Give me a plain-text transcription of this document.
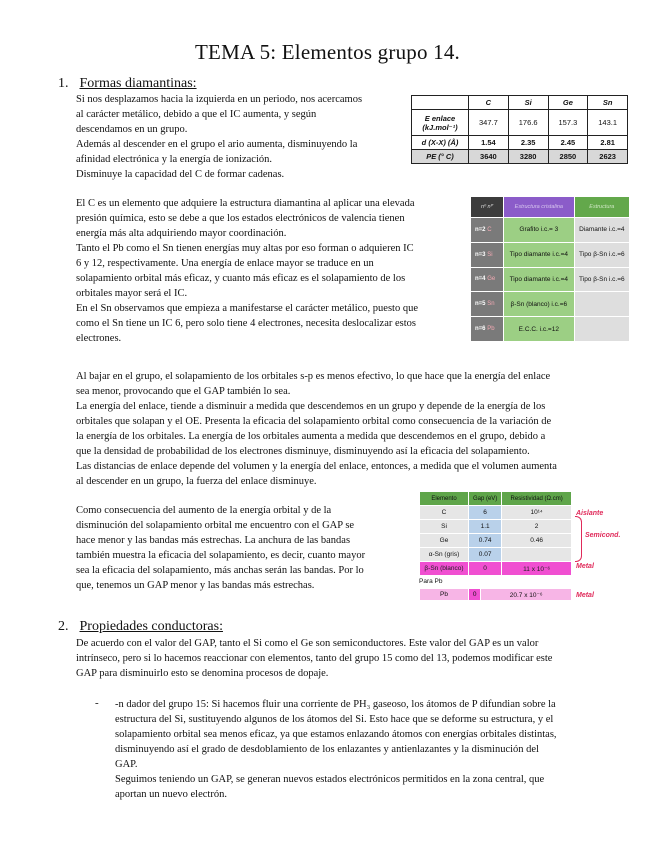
TEMA 5: Elementos grupo 14.
1. Formas diamantinas:
Si nos desplazamos hacia la izquierda en un periodo, nos acercamos
al carácter metálico, debido a que el IC aumenta, y según
descendamos en un grupo.
Además al descender en el grupo el ario aumenta, disminuyendo la
afinidad electrónica y la energía de ionización.
Disminuye la capacidad del C de formar cadenas.
	C	Si	Ge	Sn
E enlace (kJ.mol⁻¹)	347.7	176.6	157.3	143.1
d (X-X) (Å)	1.54	2.35	2.45	2.81
PE (° C)	3640	3280	2850	2623
El C es un elemento que adquiere la estructura diamantina al aplicar una elevada
presión química, esto se debe a que los estados electrónicos de valencia tienen
energía más alta adquiriendo mayor coordinación.
Tanto el Pb como el Sn tienen energías muy altas por eso forman o adquieren IC
6 y 12, respectivamente. Una energía de enlace mayor se traduce en un
solapamiento orbital más eficaz, y cuanto más eficaz es el solapamiento de los
orbitales mayor será el IC.
En el Sn observamos que empieza a manifestarse el carácter metálico, puesto que
como el Sn tiene un IC 6, pero solo tiene 4 electrones, necesita deslocalizar estos
electrones.
nº nᴾ	Estructura cristalina	Estructura
n=2 C	Grafito i.c.= 3	Diamante i.c.=4
n=3 Si	Tipo diamante i.c.=4	Tipo β-Sn i.c.=6
n=4 Ge	Tipo diamante i.c.=4	Tipo β-Sn i.c.=6
n=5 Sn	β-Sn (blanco) i.c.=6	
n=6 Pb	E.C.C. i.c.=12	
Al bajar en el grupo, el solapamiento de los orbitales s-p es menos efectivo, lo que hace que la energía del enlace
sea menor, provocando que el GAP también lo sea.
La energía del enlace, tiende a disminuir a medida que descendemos en un grupo y depende de la energía de los
orbitales que solapan y el OE. Presenta la eficacia del solapamiento orbital como consecuencia de la variación de
la energía de los orbitales. La energía de los orbitales aumenta a medida que descendemos en el grupo, debido a
que la densidad de probabilidad de los electrones disminuye, disminuyendo así la eficacia del solapamiento.
Las distancias de enlace depende del volumen y la energía del enlace, entonces, a medida que el volumen aumenta
al descender en un grupo, la fuerza del enlace disminuye.
Como consecuencia del aumento de la energía orbital y de la
disminución del solapamiento orbital me encuentro con el GAP se
hace menor y las bandas más estrechas. La anchura de las bandas
también muestra la eficacia del solapamiento, es decir, cuanto mayor
sea la eficacia del solapamiento, más anchas serán las bandas. Por lo
que, tenemos un GAP menor y las bandas más estrechas.
Elemento	Gap (eV)	Resistividad (Ω.cm)
C	6	10¹⁴
Si	1.1	2
Ge	0.74	0.46
α-Sn (gris)	0.07	
β-Sn (blanco)	0	11 x 10⁻⁶
Aislante
Semicond.
Metal
Para Pb
Pb	0	20.7 x 10⁻⁶	Metal
2. Propiedades conductoras:
De acuerdo con el valor del GAP, tanto el Si como el Ge son semiconductores. Este valor del GAP es un valor
intrínseco, pero si lo hacemos reaccionar con elementos, tanto del grupo 15 como del 13, podemos modificar este
GAP para disminuirlo esto se denomina procesos de dopaje.
- -n dador del grupo 15: Si hacemos fluir una corriente de PH₃ gaseoso, los átomos de P difundian sobre la
estructura del Si, sustituyendo algunos de los átomos del Si. Esto hace que se deforme su estructura, y el
solapamiento orbital sea menos eficaz, ya que estamos enlazando átomos con energías orbitales distintas,
disminuyendo así el grado de desdoblamiento de los enlazantes y antienlazantes y la disminución del
GAP.
Seguimos teniendo un GAP, se generan nuevos estados electrónicos permitidos en la zona central, que
aportan un nuevo electrón.
